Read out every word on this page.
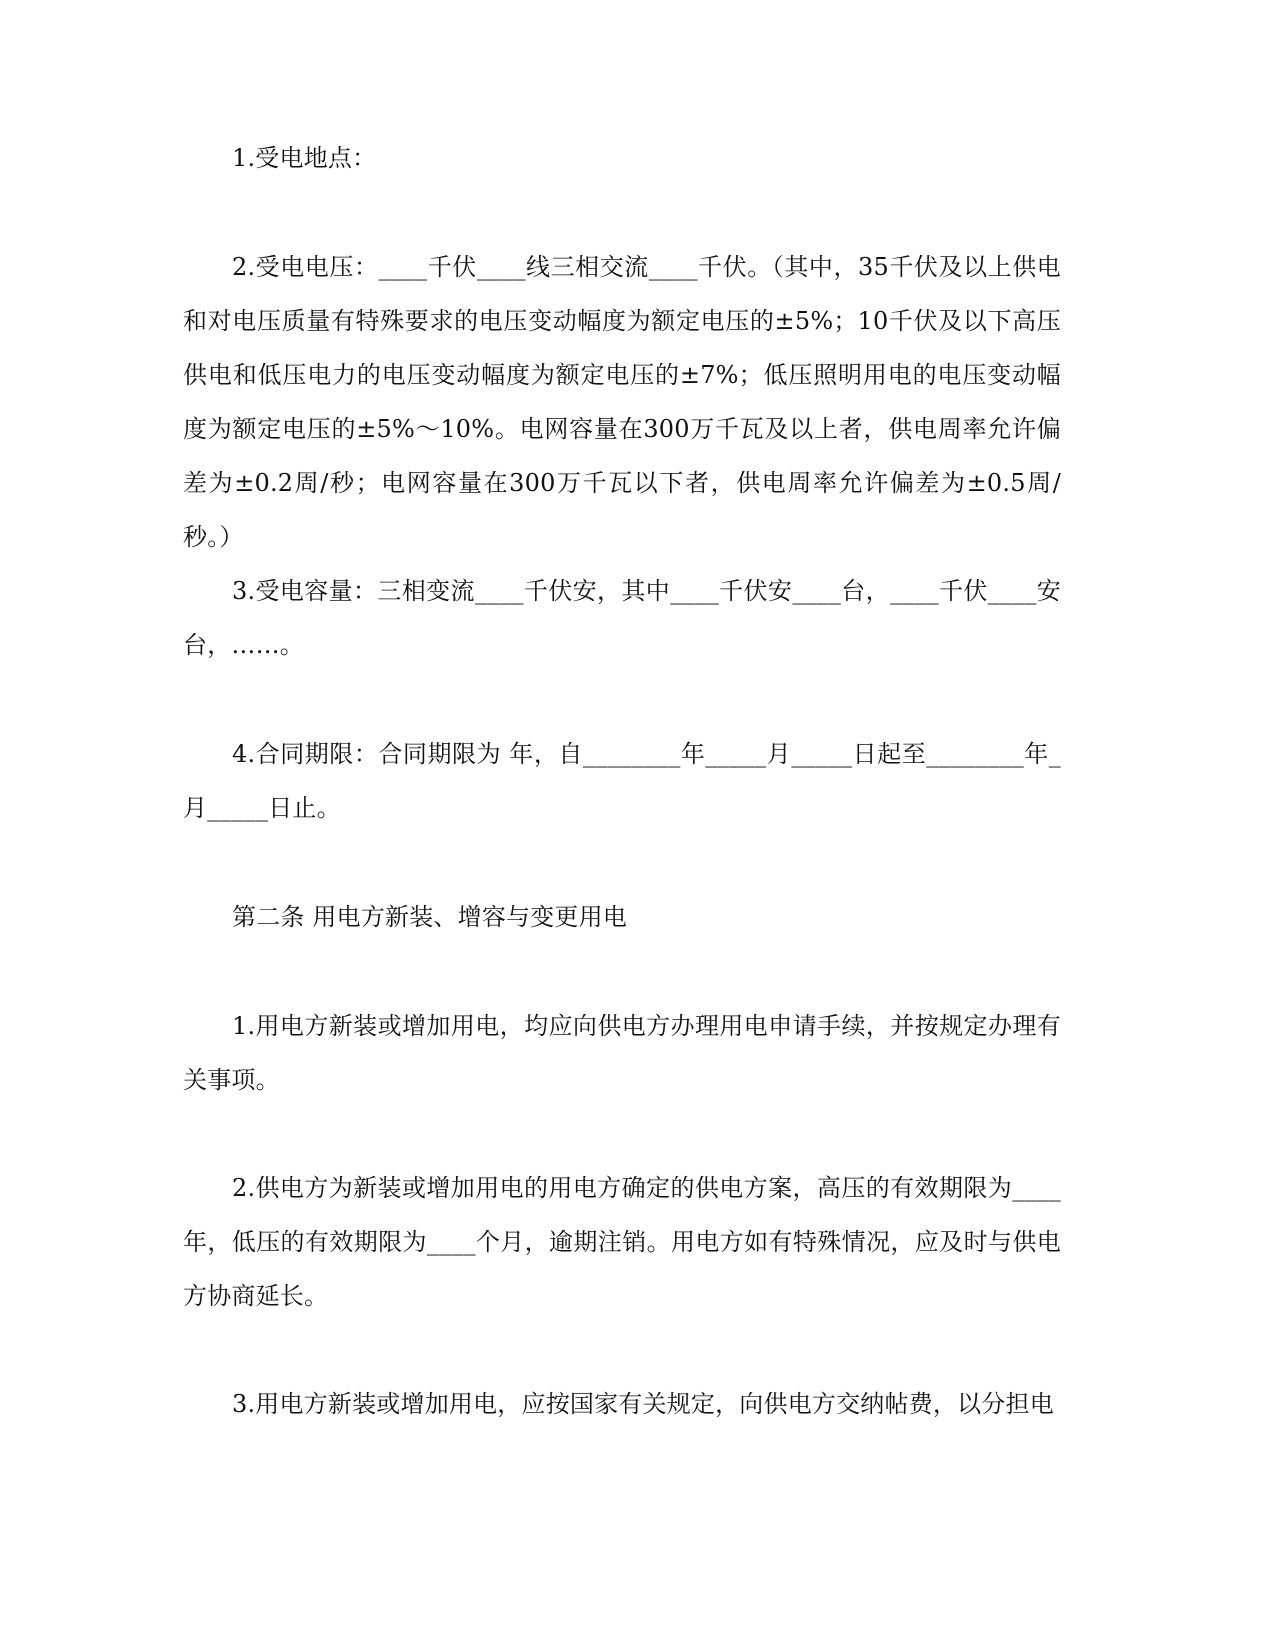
1.受电地点：

2.受电电压：____千伏____线三相交流____千伏。（其中，35千伏及以上供电和对电压质量有特殊要求的电压变动幅度为额定电压的±5%；10千伏及以下高压供电和低压电力的电压变动幅度为额定电压的±7%；低压照明用电的电压变动幅度为额定电压的±5%～10%。电网容量在300万千瓦及以上者，供电周率允许偏差为±0.2周/秒；电网容量在300万千瓦以下者，供电周率允许偏差为±0.5周/秒。）

3.受电容量：三相变流____千伏安，其中____千伏安____台，____千伏____安台，……。

4.合同期限：合同期限为 年，自________年_____月_____日起至________年_月_____日止。

第二条 用电方新装、增容与变更用电

1.用电方新装或增加用电，均应向供电方办理用电申请手续，并按规定办理有关事项。

2.供电方为新装或增加用电的用电方确定的供电方案，高压的有效期限为____年，低压的有效期限为____个月，逾期注销。用电方如有特殊情况，应及时与供电方协商延长。

3.用电方新装或增加用电，应按国家有关规定，向供电方交纳帖费，以分担电
